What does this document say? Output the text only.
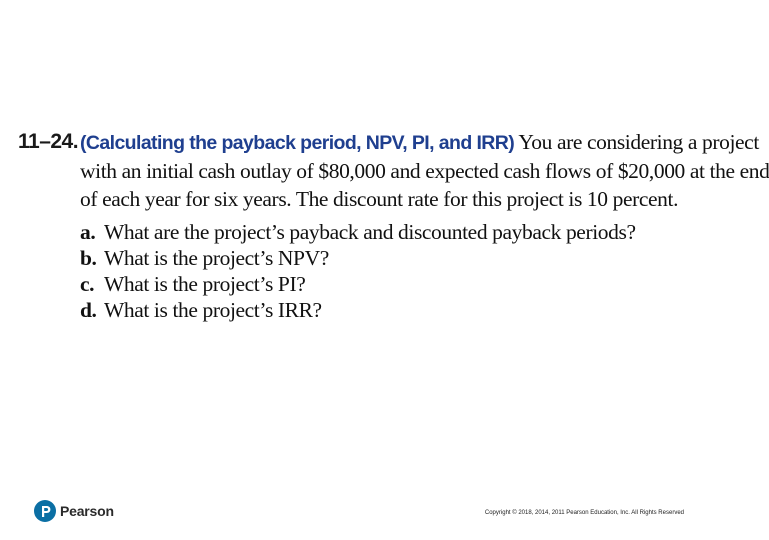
11–24. (Calculating the payback period, NPV, PI, and IRR) You are considering a project
with an initial cash outlay of $80,000 and expected cash flows of $20,000 at the end
of each year for six years. The discount rate for this project is 10 percent.
a. What are the project’s payback and discounted payback periods?
b. What is the project’s NPV?
c. What is the project’s PI?
d. What is the project’s IRR?
Pearson	Copyright © 2018, 2014, 2011 Pearson Education, Inc. All Rights Reserved
